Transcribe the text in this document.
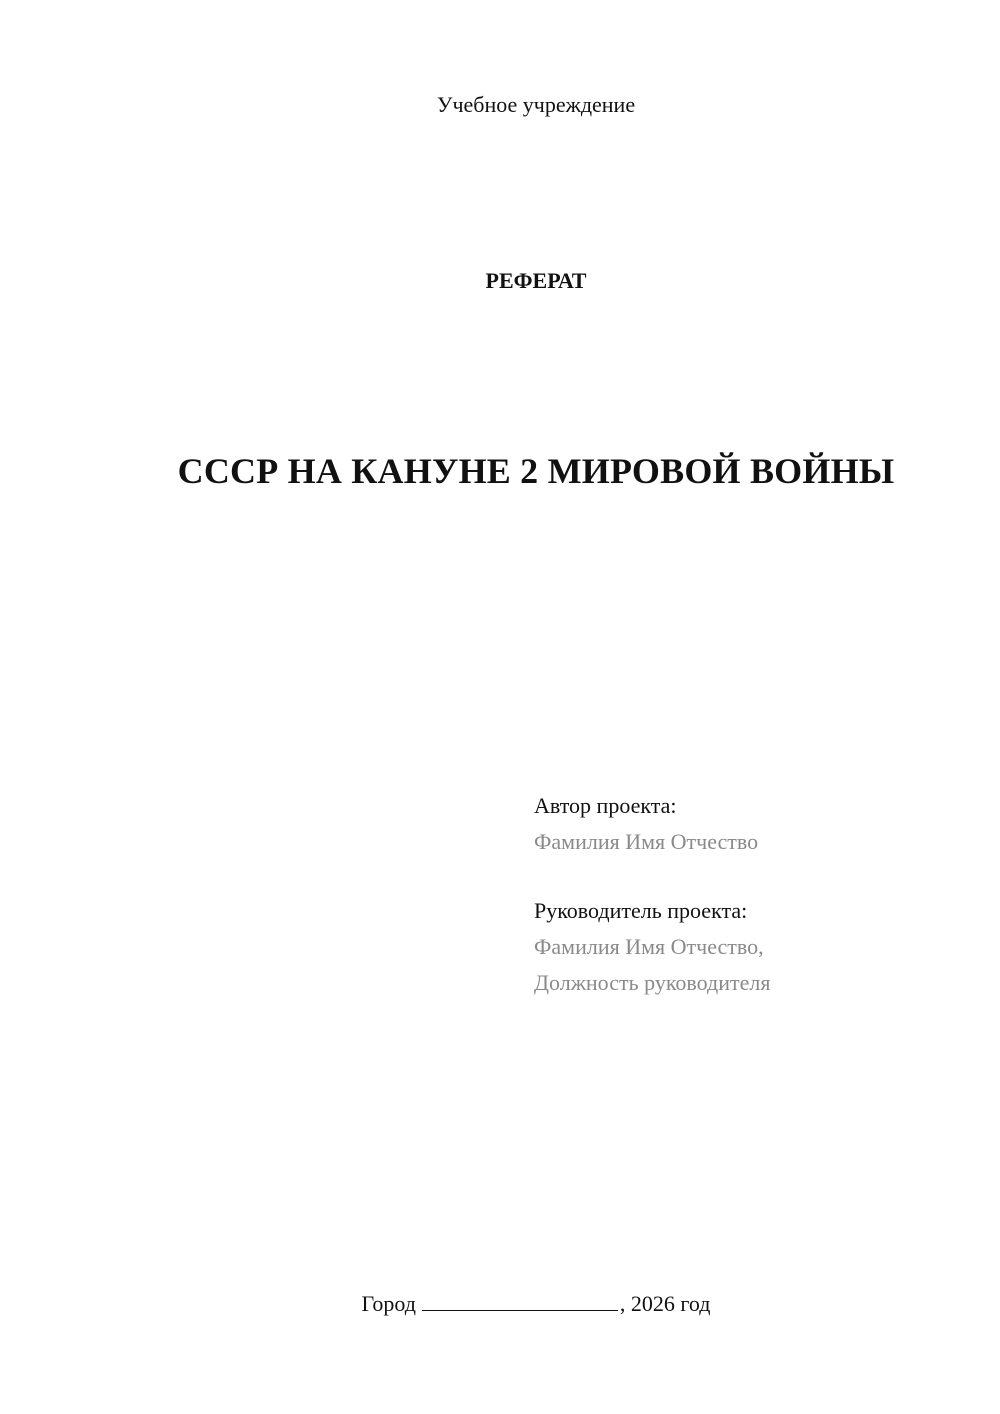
Учебное учреждение
РЕФЕРАТ
СССР НА КАНУНЕ 2 МИРОВОЙ ВОЙНЫ
Автор проекта:
Фамилия Имя Отчество
Руководитель проекта:
Фамилия Имя Отчество,
Должность руководителя
Город	, 2026 год
